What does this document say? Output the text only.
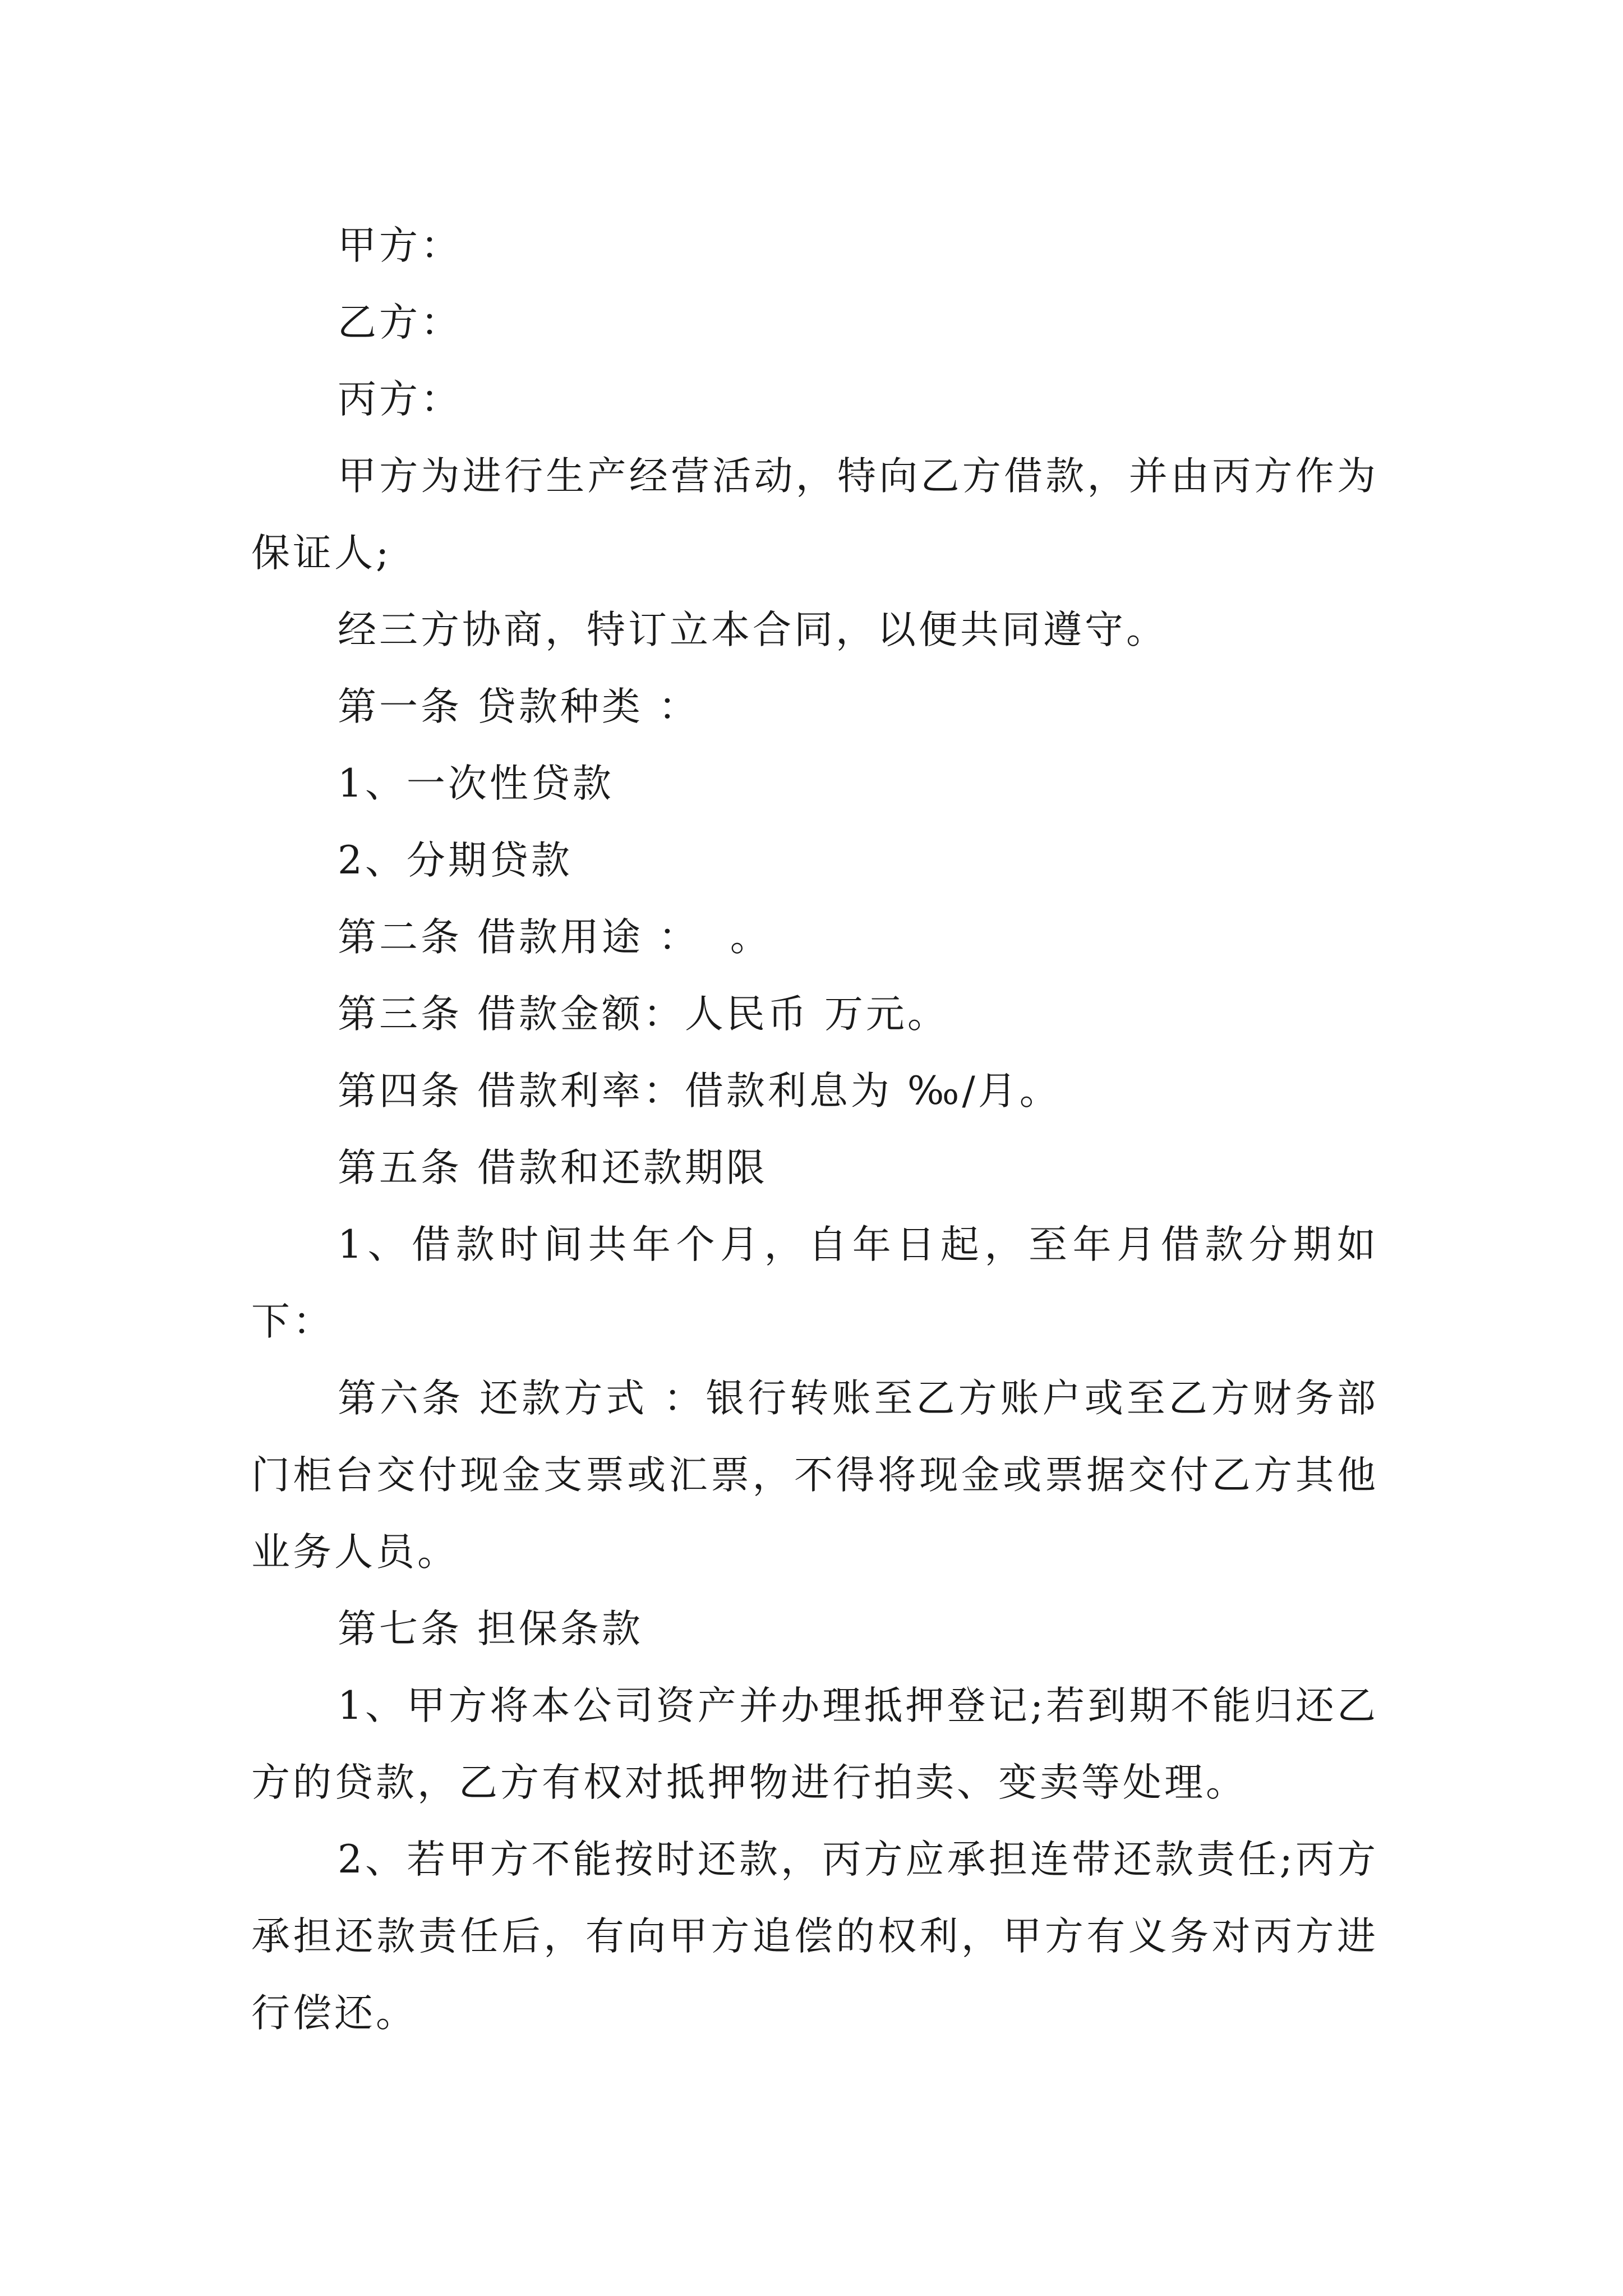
甲方：

乙方：

丙方：

甲方为进行生产经营活动，特向乙方借款，并由丙方作为保证人;

经三方协商，特订立本合同，以便共同遵守。

第一条 贷款种类 ：

1、一次性贷款

2、分期贷款

第二条 借款用途 ：  。

第三条 借款金额：人民币 万元。

第四条 借款利率：借款利息为 ‰/月。

第五条 借款和还款期限

1、借款时间共年个月，自年日起，至年月借款分期如下：

第六条 还款方式 ：银行转账至乙方账户或至乙方财务部门柜台交付现金支票或汇票，不得将现金或票据交付乙方其他业务人员。

第七条 担保条款

1、甲方将本公司资产并办理抵押登记;若到期不能归还乙方的贷款，乙方有权对抵押物进行拍卖、变卖等处理。

2、若甲方不能按时还款，丙方应承担连带还款责任;丙方承担还款责任后，有向甲方追偿的权利，甲方有义务对丙方进行偿还。
